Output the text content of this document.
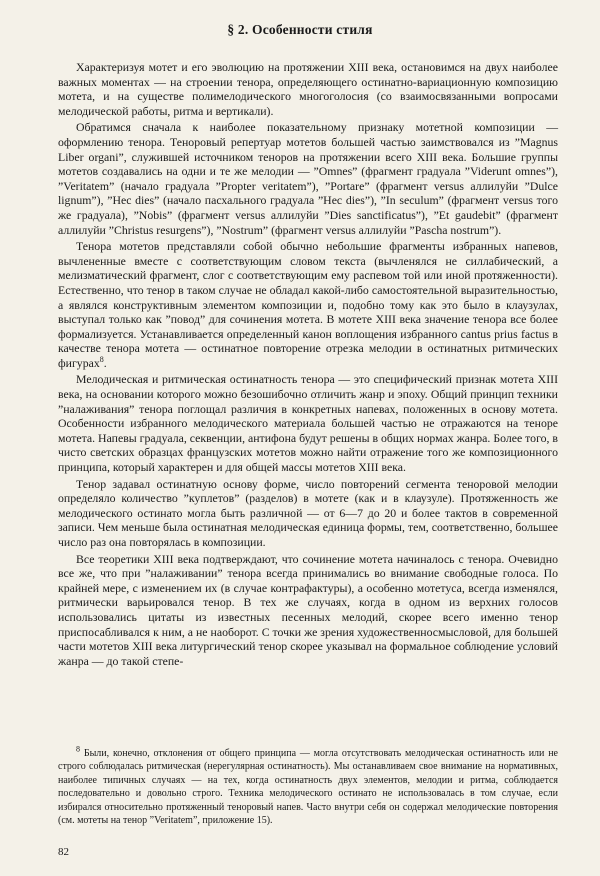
§ 2. Особенности стиля

Характеризуя мотет и его эволюцию на протяжении XIII века, остановимся на двух наиболее важных моментах — на строении тенора, определяющего остинатно-вариационную композицию мотета, и на существе полимелодического многоголосия (со взаимосвязанными вопросами мелодической работы, ритма и вертикали).

Обратимся сначала к наиболее показательному признаку мотетной композиции — оформлению тенора. Теноровый репертуар мотетов большей частью заимствовался из ”Magnus Liber organi”, служившей источником теноров на протяжении всего XIII века. Большие группы мотетов создавались на одни и те же мелодии — ”Omnes” (фрагмент градуала ”Viderunt omnes”), ”Veritatem” (начало градуала ”Propter veritatem”), ”Portare” (фрагмент versus аллилуйи ”Dulce lignum”), ”Hec dies” (начало пасхального градуала ”Hec dies”), ”In seculum” (фрагмент versus того же градуала), ”Nobis” (фрагмент versus аллилуйи ”Dies sanctificatus”), ”Et gaudebit” (фрагмент аллилуйи ”Christus resurgens”), ”Nostrum” (фрагмент versus аллилуйи ”Pascha nostrum”).

Тенора мотетов представляли собой обычно небольшие фрагменты избранных напевов, вычлененные вместе с соответствующим словом текста (вычленялся не силлабический, а мелизматический фрагмент, слог с соответствующим ему распевом той или иной протяженности). Естественно, что тенор в таком случае не обладал какой-либо самостоятельной выразительностью, а являлся конструктивным элементом композиции и, подобно тому как это было в клаузулах, выступал только как ”повод” для сочинения мотета. В мотете XIII века значение тенора все более формализуется. Устанавливается определенный канон воплощения избранного cantus prius factus в качестве тенора мотета — остинатное повторение отрезка мелодии в остинатных ритмических фигурах$^8$.

Мелодическая и ритмическая остинатность тенора — это специфический признак мотета XIII века, на основании которого можно безошибочно отличить жанр и эпоху. Общий принцип техники ”налаживания” тенора поглощал различия в конкретных напевах, положенных в основу мотета. Особенности избранного мелодического материала большей частью не отражаются на теноре мотета. Напевы градуала, секвенции, антифона будут решены в общих нормах жанра. Более того, в чисто светских образцах французских мотетов можно найти отражение того же композиционного принципа, который характерен и для общей массы мотетов XIII века.

Тенор задавал остинатную основу форме, число повторений сегмента теноровой мелодии определяло количество ”куплетов” (разделов) в мотете (как и в клаузуле). Протяженность же мелодического остинато могла быть различной — от 6—7 до 20 и более тактов в современной записи. Чем меньше была остинатная мелодическая единица формы, тем, соответственно, большее число раз она повторялась в композиции.

Все теоретики XIII века подтверждают, что сочинение мотета начиналось с тенора. Очевидно все же, что при ”налаживании” тенора всегда принимались во внимание свободные голоса. По крайней мере, с изменением их (в случае контрафактуры), а особенно мотетуса, всегда изменялся, ритмически варьировался тенор. В тех же случаях, когда в одном из верхних голосов использовались цитаты из известных песенных мелодий, скорее всего именно тенор приспосабливался к ним, а не наоборот. С точки же зрения художественносмысловой, для большей части мотетов XIII века литургический тенор скорее указывал на формальное соблюдение условий жанра — до такой степе-

$^8$ Были, конечно, отклонения от общего принципа — могла отсутствовать мелодическая остинатность или не строго соблюдалась ритмическая (нерегулярная остинатность). Мы останавливаем свое внимание на нормативных, наиболее типичных случаях — на тех, когда остинатность двух элементов, мелодии и ритма, соблюдается последовательно и довольно строго. Техника мелодического остинато не использовалась в том случае, если избирался относительно протяженный теноровый напев. Часто внутри себя он содержал мелодические повторения (см. мотеты на тенор ”Veritatem”, приложение 15).

82
